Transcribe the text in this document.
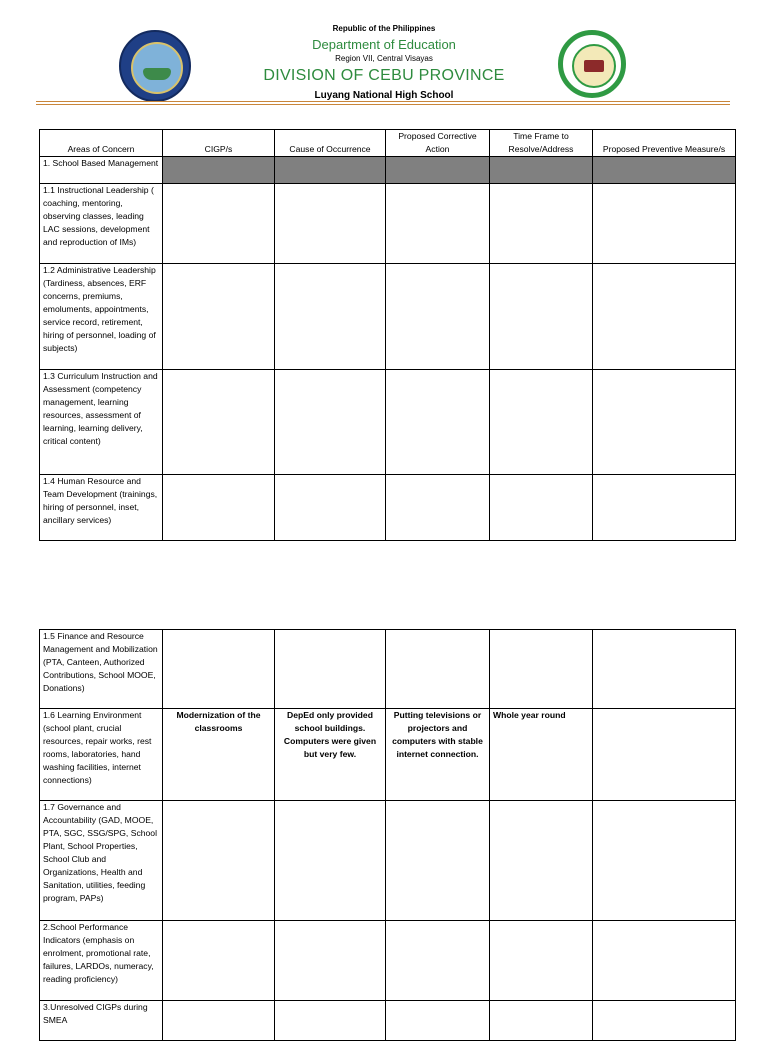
Republic of the Philippines
Department of Education
Region VII, Central Visayas
DIVISION OF CEBU PROVINCE
Luyang National High School
Areas of Concern	CIGP/s	Cause of Occurrence	Proposed Corrective Action	Time Frame to Resolve/Address	Proposed Preventive Measure/s
1. School Based Management					
1.1 Instructional Leadership ( coaching, mentoring, observing classes, leading LAC sessions, development and reproduction of IMs)					
1.2 Administrative Leadership (Tardiness, absences, ERF concerns, premiums, emoluments, appointments, service record, retirement, hiring of personnel, loading of subjects)					
1.3 Curriculum Instruction and Assessment (competency management, learning resources, assessment of learning, learning delivery, critical content)					
1.4 Human Resource and Team Development (trainings, hiring of personnel, inset, ancillary services)					
1.5 Finance and Resource Management and Mobilization (PTA, Canteen, Authorized Contributions, School MOOE, Donations)					
1.6 Learning Environment (school plant, crucial resources, repair works, rest rooms, laboratories, hand washing facilities, internet connections)	Modernization of the classrooms	DepEd only provided school buildings. Computers were given but very few.	Putting televisions or projectors and computers with stable internet connection.	Whole year round	
1.7 Governance and Accountability (GAD, MOOE, PTA, SGC, SSG/SPG, School Plant, School Properties, School Club and Organizations, Health and Sanitation, utilities, feeding program, PAPs)					
2.School Performance Indicators (emphasis on enrolment, promotional rate, failures, LARDOs, numeracy, reading proficiency)					
3.Unresolved CIGPs during SMEA					
